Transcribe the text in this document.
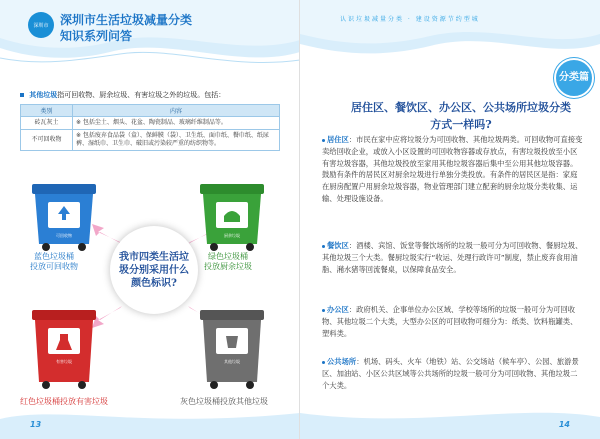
深圳市 深圳市生活垃圾减量分类
知识系列问答
其他垃圾指可回收物、厨余垃圾、有害垃圾之外的垃圾。包括：
类别	内容
砖瓦灰土	※ 包括尘土、烟头、花盆、陶瓷制品、玻璃纤维制品等。
不可回收物	※ 包括废弃食品袋（盒）、保鲜膜（袋）、卫生纸、面巾纸、餐巾纸、纸尿裤、湿纸巾、卫生巾、破旧或污染较严重的纺织物等。
可回收物	厨余垃圾
有害垃圾	其他垃圾
蓝色垃圾桶
投放可回收物
绿色垃圾桶
投放厨余垃圾
我市四类生活垃圾分别采用什么颜色标识?
红色垃圾桶投放有害垃圾	灰色垃圾桶投放其他垃圾
13
认识垃圾减量分类 · 建设资源节约型城
分类篇
居住区、餐饮区、办公区、公共场所垃圾分类方式一样吗?
居住区：市民在家中应将垃圾分为可回收物、其他垃圾两类。可回收物可直接变卖给回收企业，或放入小区设置的可回收物容器或存放点，有害垃圾投放至小区有害垃圾容器，其他垃圾投放至家用其他垃圾容器后集中至公用其他垃圾容器。鼓励有条件的居民区对厨余垃圾进行单独分类投放。有条件的居民区是指：家庭在厨房配置户用厨余垃圾容器，物业管理部门建立配套的厨余垃圾分类收集、运输、处理设施设备。
餐饮区：酒楼、宾馆、饭堂等餐饮场所的垃圾一般可分为可回收物、餐厨垃圾、其他垃圾三个大类。餐厨垃圾实行“收运、处理行政许可”制度，禁止废弃食用油脂、潲水猪等回流餐桌，以保障食品安全。
办公区：政府机关、企事单位办公区域、学校等场所的垃圾一般可分为可回收物、其他垃圾二个大类，大型办公区的可回收物可细分为：纸类、饮料瓶罐类、塑料类。
公共场所：机场、码头、火车（地铁）站、公交场站（候车亭）、公园、旅游景区、加油站、小区公共区域等公共场所的垃圾一般可分为可回收物、其他垃圾二个大类。
14
